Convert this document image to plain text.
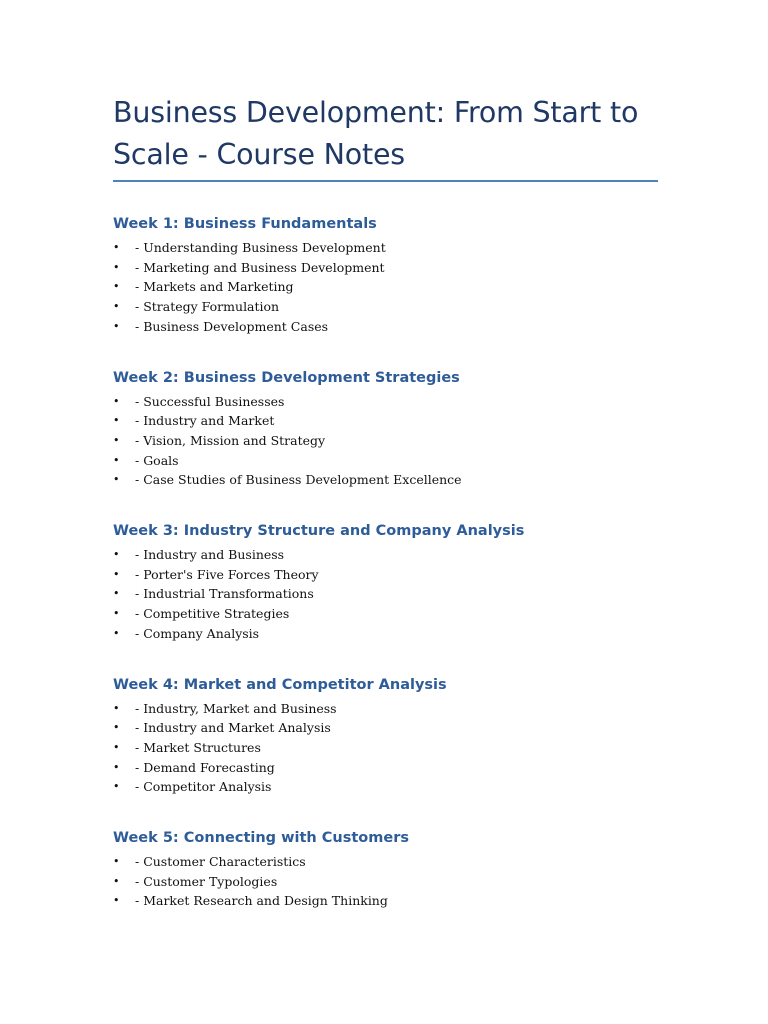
Business Development: From Start to Scale - Course Notes
Week 1: Business Fundamentals
• - Understanding Business Development
• - Marketing and Business Development
• - Markets and Marketing
• - Strategy Formulation
• - Business Development Cases
Week 2: Business Development Strategies
• - Successful Businesses
• - Industry and Market
• - Vision, Mission and Strategy
• - Goals
• - Case Studies of Business Development Excellence
Week 3: Industry Structure and Company Analysis
• - Industry and Business
• - Porter's Five Forces Theory
• - Industrial Transformations
• - Competitive Strategies
• - Company Analysis
Week 4: Market and Competitor Analysis
• - Industry, Market and Business
• - Industry and Market Analysis
• - Market Structures
• - Demand Forecasting
• - Competitor Analysis
Week 5: Connecting with Customers
• - Customer Characteristics
• - Customer Typologies
• - Market Research and Design Thinking
